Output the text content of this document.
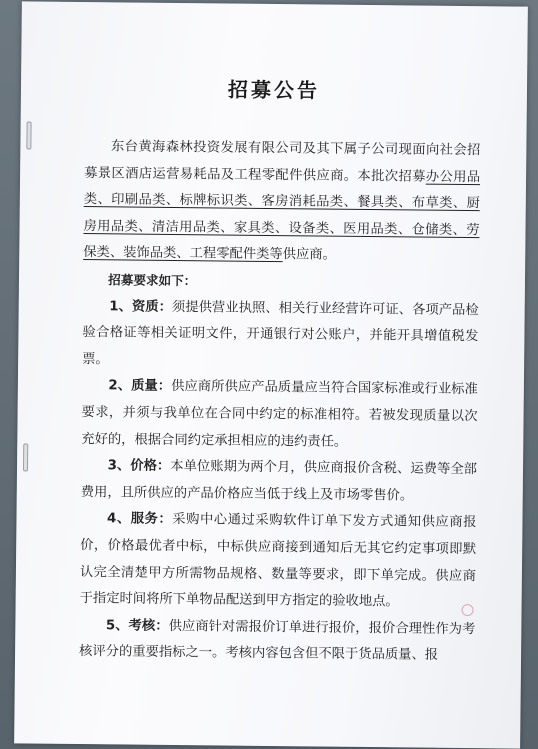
招募公告

东台黄海森林投资发展有限公司及其下属子公司现面向社会招募景区酒店运营易耗品及工程零配件供应商。本批次招募办公用品类、印刷品类、标牌标识类、客房消耗品类、餐具类、布草类、厨房用品类、清洁用品类、家具类、设备类、医用品类、仓储类、劳保类、装饰品类、工程零配件类等供应商。

招募要求如下：

1、资质：须提供营业执照、相关行业经营许可证、各项产品检验合格证等相关证明文件，开通银行对公账户，并能开具增值税发票。

2、质量：供应商所供应产品质量应当符合国家标准或行业标准要求，并须与我单位在合同中约定的标准相符。若被发现质量以次充好的，根据合同约定承担相应的违约责任。

3、价格：本单位账期为两个月，供应商报价含税、运费等全部费用，且所供应的产品价格应当低于线上及市场零售价。

4、服务：采购中心通过采购软件订单下发方式通知供应商报价，价格最优者中标，中标供应商接到通知后无其它约定事项即默认完全清楚甲方所需物品规格、数量等要求，即下单完成。供应商于指定时间将所下单物品配送到甲方指定的验收地点。

5、考核：供应商针对需报价订单进行报价，报价合理性作为考核评分的重要指标之一。考核内容包含但不限于货品质量、报
